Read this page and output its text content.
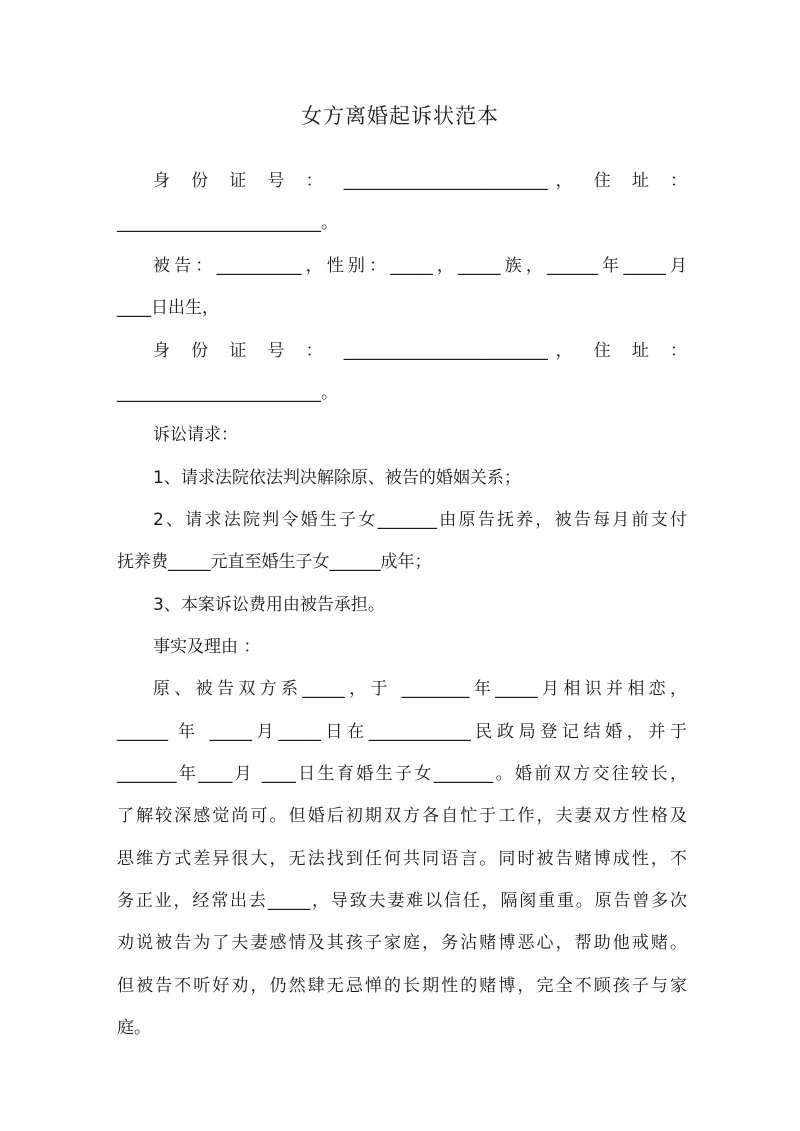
女方离婚起诉状范本
身 份 证 号 ： ________________________， 住 址 ：
________________________。
被告：__________，性别：_____，_____族，______年_____月
____日出生，
身 份 证 号 ： ________________________， 住 址 ：
________________________。
诉讼请求：
1、请求法院依法判决解除原、被告的婚姻关系；
2、请求法院判令婚生子女_______由原告抚养，被告每月前支付
抚养费_____元直至婚生子女______成年；
3、本案诉讼费用由被告承担。
事实及理由 ：
原、被告双方系_____，于 ________年_____月相识并相恋，
______ 年 _____月_____日在____________民政局登记结婚，并于
_______年____月 ____日生育婚生子女_______。婚前双方交往较长，
了解较深感觉尚可。但婚后初期双方各自忙于工作，夫妻双方性格及
思维方式差异很大，无法找到任何共同语言。同时被告赌博成性，不
务正业，经常出去_____，导致夫妻难以信任，隔阂重重。原告曾多次
劝说被告为了夫妻感情及其孩子家庭，务沾赌博恶心，帮助他戒赌。
但被告不听好劝，仍然肆无忌惮的长期性的赌博，完全不顾孩子与家
庭。
